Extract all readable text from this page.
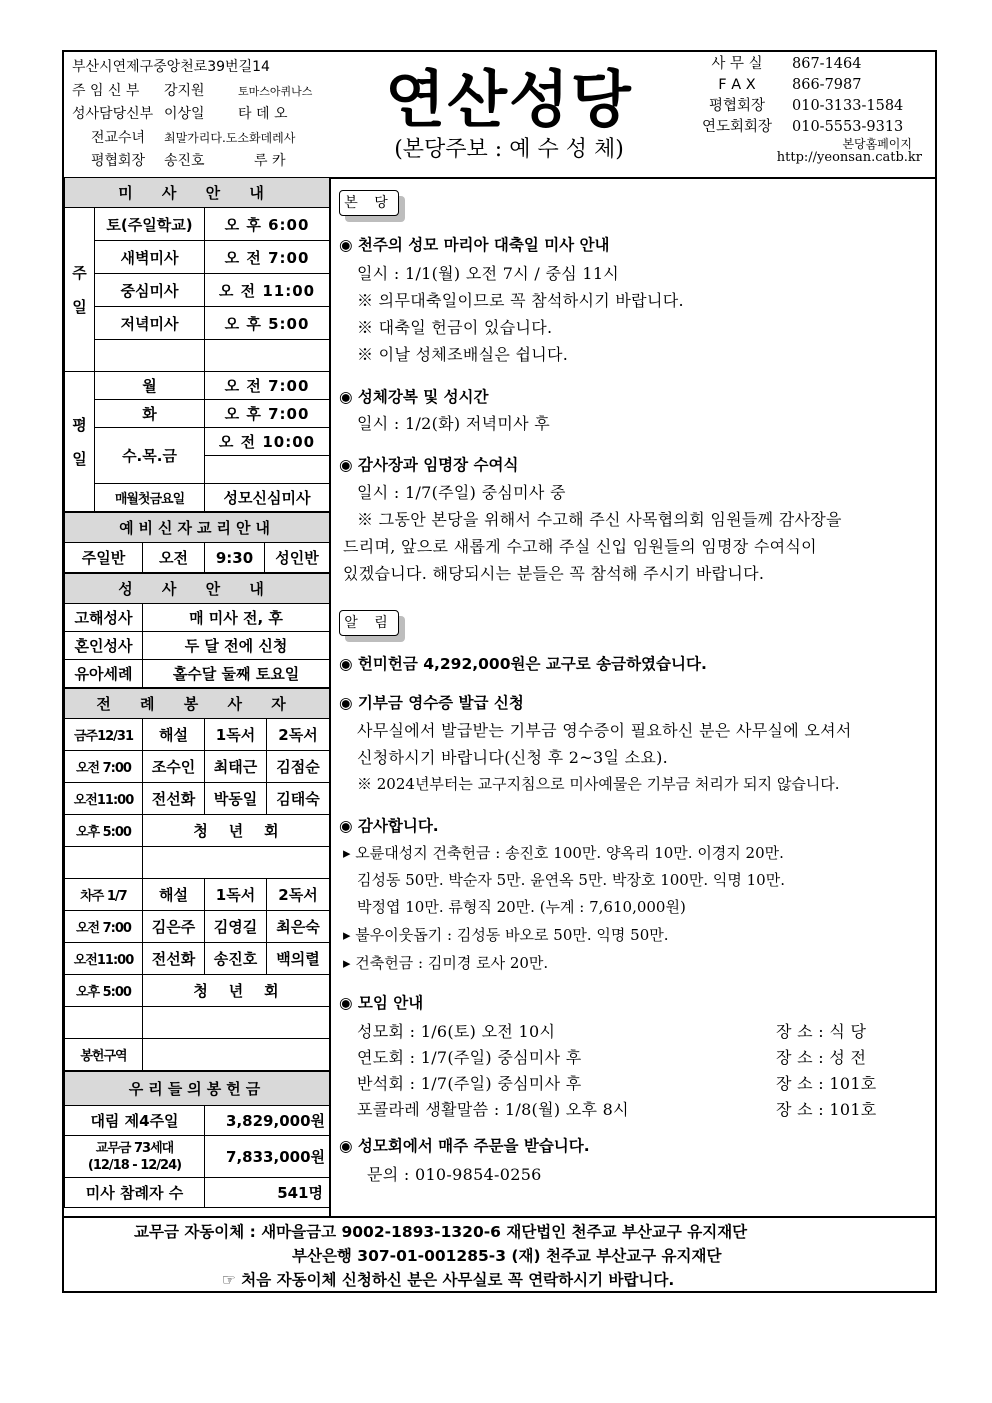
부산시연제구중앙천로39번길14
주 임 신 부 강지원	토마스아퀴나스
성사담당신부 이상일 타 데 오
전교수녀 최말가리다.도소화데레사
평협회장 송진호	루 카
연산성당
(본당주보 : 예 수 성 체)
사 무 실	867-1464
F A X	866-7987
평협회장	010-3133-1584
연도회회장	010-5553-9313
본당홈페이지
http://yeonsan.catb.kr
미 사 안 내		
주 일	토(주일학교)	오 후 6:00
	새벽미사	오 전 7:00
	중심미사	오 전 11:00
	저녁미사	오 후 5:00

평 일	월	오 전 7:00
	화	오 후 7:00
	수.목.금	오 전 10:00

	매월첫금요일	성모신심미사
예비신자교리안내
주일반	오전	9:30	성인반
성 사 안 내	
고해성사	매 미사 전, 후
혼인성사	두 달 전에 신청
유아세례	홀수달 둘째 토요일
전 례 봉 사 자			
금주12/31	해설	1독서	2독서
오전 7:00	조수인	최태근	김점순
오전11:00	전선화	박동일	김태숙
오후 5:00	청    년    회		

차주 1/7	해설	1독서	2독서
오전 7:00	김은주	김영길	최은숙
오전11:00	전선화	송진호	백의렬
오후 5:00	청    년    회		

봉헌구역			
우리들의봉헌금	
대림 제4주일	3,829,000원

교무금 73세대
(12/18 - 12/24)	7,833,000원
미사 참례자 수	541명
본 당
◉ 천주의 성모 마리아 대축일 미사 안내
일시 : 1/1(월) 오전 7시 / 중심 11시
※ 의무대축일이므로 꼭 참석하시기 바랍니다.
※ 대축일 헌금이 있습니다.
※ 이날 성체조배실은 쉽니다.
◉ 성체강복 및 성시간
일시 : 1/2(화) 저녁미사 후
◉ 감사장과 임명장 수여식
일시 : 1/7(주일) 중심미사 중
※ 그동안 본당을 위해서 수고해 주신 사목협의회 임원들께 감사장을
드리며, 앞으로 새롭게 수고해 주실 신입 임원들의 임명장 수여식이
있겠습니다. 해당되시는 분들은 꼭 참석해 주시기 바랍니다.
알 림
◉ 헌미헌금 4,292,000원은 교구로 송금하였습니다.
◉ 기부금 영수증 발급 신청
사무실에서 발급받는 기부금 영수증이 필요하신 분은 사무실에 오셔서
신청하시기 바랍니다(신청 후 2~3일 소요).
※ 2024년부터는 교구지침으로 미사예물은 기부금 처리가 되지 않습니다.
◉ 감사합니다.
▸ 오륜대성지 건축헌금 : 송진호 100만. 양옥리 10만. 이경지 20만.
김성동 50만. 박순자 5만. 윤연옥 5만. 박장호 100만. 익명 10만.
박정엽 10만. 류형직 20만. (누계 : 7,610,000원)
▸ 불우이웃돕기 : 김성동 바오로 50만. 익명 50만.
▸ 건축헌금 : 김미경 로사 20만.
◉ 모임 안내
성모회 : 1/6(토) 오전 10시	장 소 : 식 당
연도회 : 1/7(주일) 중심미사 후	장 소 : 성 전
반석회 : 1/7(주일) 중심미사 후	장 소 : 101호
포콜라레 생활말씀 : 1/8(월) 오후 8시	장 소 : 101호
◉ 성모회에서 매주 주문을 받습니다.
문의 : 010-9854-0256
교무금 자동이체 : 새마을금고 9002-1893-1320-6 재단법인 천주교 부산교구 유지재단
부산은행 307-01-001285-3 (재) 천주교 부산교구 유지재단
☞ 처음 자동이체 신청하신 분은 사무실로 꼭 연락하시기 바랍니다.
